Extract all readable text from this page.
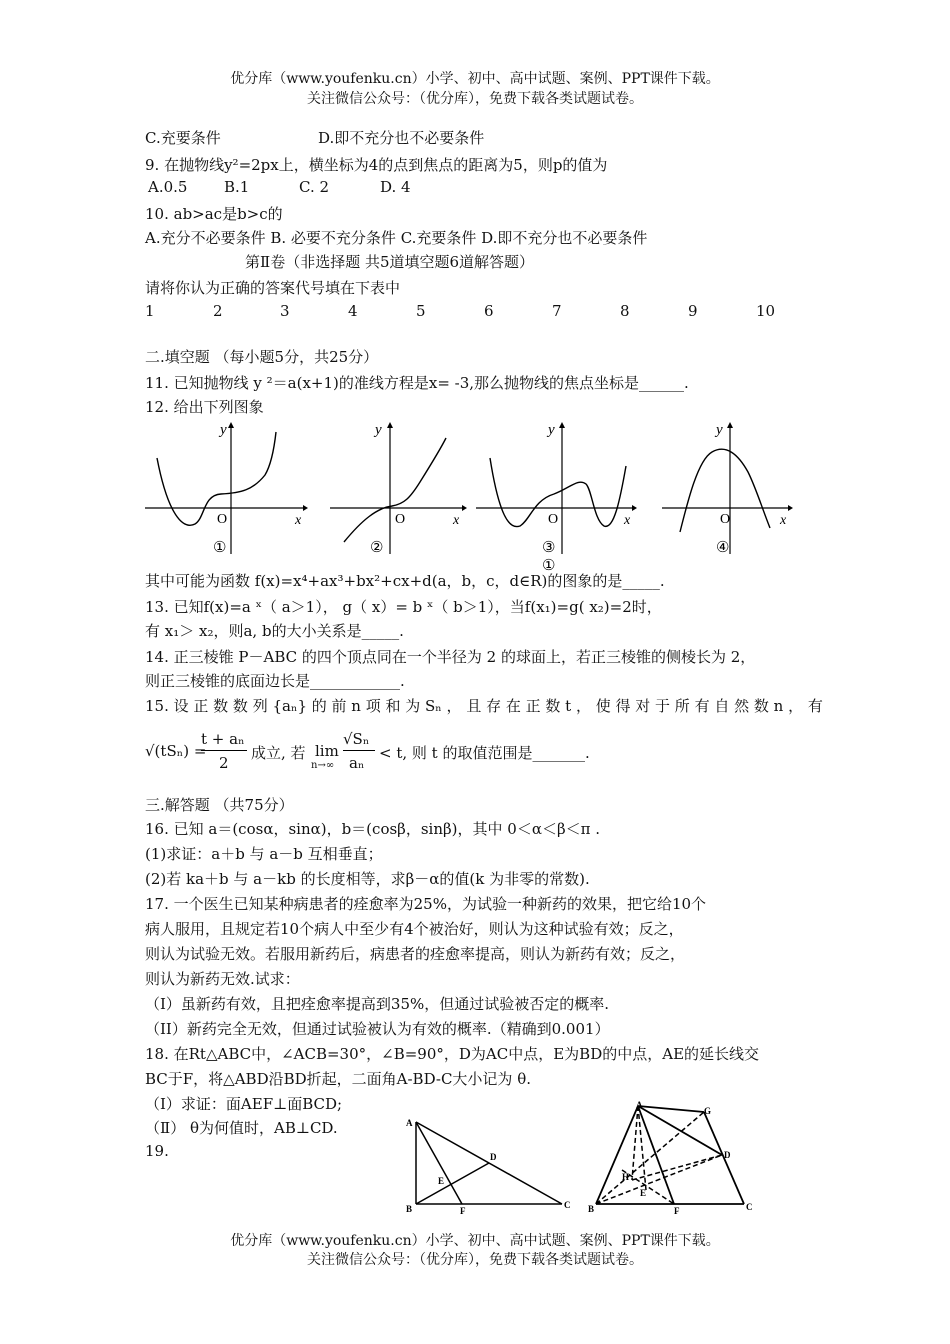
优分库（www.youfenku.cn）小学、初中、高中试题、案例、PPT课件下载。
关注微信公众号：（优分库），免费下载各类试题试卷。
C.充要条件	D.即不充分也不必要条件
9. 在抛物线y²=2px上，横坐标为4的点到焦点的距离为5，则p的值为
A.0.5 B.1	C. 2	D. 4
10. ab>ac是b>c的
A.充分不必要条件 B. 必要不充分条件 C.充要条件 D.即不充分也不必要条件
第Ⅱ卷（非选择题 共5道填空题6道解答题）
请将你认为正确的答案代号填在下表中
1	2	3	4	5	6	7	8	9	10
二.填空题 （每小题5分，共25分）
11. 已知抛物线 y ²＝a(x+1)的准线方程是x= -3,那么抛物线的焦点坐标是______.
12. 给出下列图象
y
x
O
①
y
x
O
②
y
x
O
③
①
y
x
O
④
其中可能为函数 f(x)=x⁴+ax³+bx²+cx+d(a，b，c，d∈R)的图象的是_____.
13. 已知f(x)=a ˣ（ a＞1）， g（ x）= b ˣ（ b＞1），当f(x₁)=g( x₂)=2时，
有 x₁＞ x₂，则a, b的大小关系是_____.
14. 正三棱锥 P－ABC 的四个顶点同在一个半径为 2 的球面上，若正三棱锥的侧棱长为 2，
则正三棱锥的底面边长是____________.
15. 设 正 数 数 列 {aₙ} 的 前 n 项 和 为 Sₙ ， 且 存 在 正 数 t ， 使 得 对 于 所 有 自 然 数 n ， 有
√(tSₙ) =
t + aₙ
2
成立, 若 lim
n→∞
√Sₙ
aₙ
< t, 则 t 的取值范围是_______.
三.解答题 （共75分）
16. 已知 a＝(cosα，sinα)，b＝(cosβ，sinβ)，其中 0＜α＜β＜π .
(1)求证：a＋b 与 a－b 互相垂直；
(2)若 ka＋b 与 a－kb 的长度相等，求β－α的值(k 为非零的常数).
17. 一个医生已知某种病患者的痊愈率为25%，为试验一种新药的效果，把它给10个
病人服用，且规定若10个病人中至少有4个被治好，则认为这种试验有效；反之，
则认为试验无效。若服用新药后，病患者的痊愈率提高，则认为新药有效；反之，
则认为新药无效.试求：
（I）虽新药有效，且把痊愈率提高到35%，但通过试验被否定的概率.
（II）新药完全无效，但通过试验被认为有效的概率.（精确到0.001）
18. 在Rt△ABC中，∠ACB=30°，∠B=90°，D为AC中点，E为BD的中点，AE的延长线交
BC于F，将△ABD沿BD折起，二面角A-BD-C大小记为 θ.
（Ⅰ）求证：面AEF⊥面BCD;
（Ⅱ） θ为何值时，AB⊥CD.
19.
A
D
E
B	F
C
A
G
D
H
E
B	F	C
优分库（www.youfenku.cn）小学、初中、高中试题、案例、PPT课件下载。
关注微信公众号：（优分库），免费下载各类试题试卷。
